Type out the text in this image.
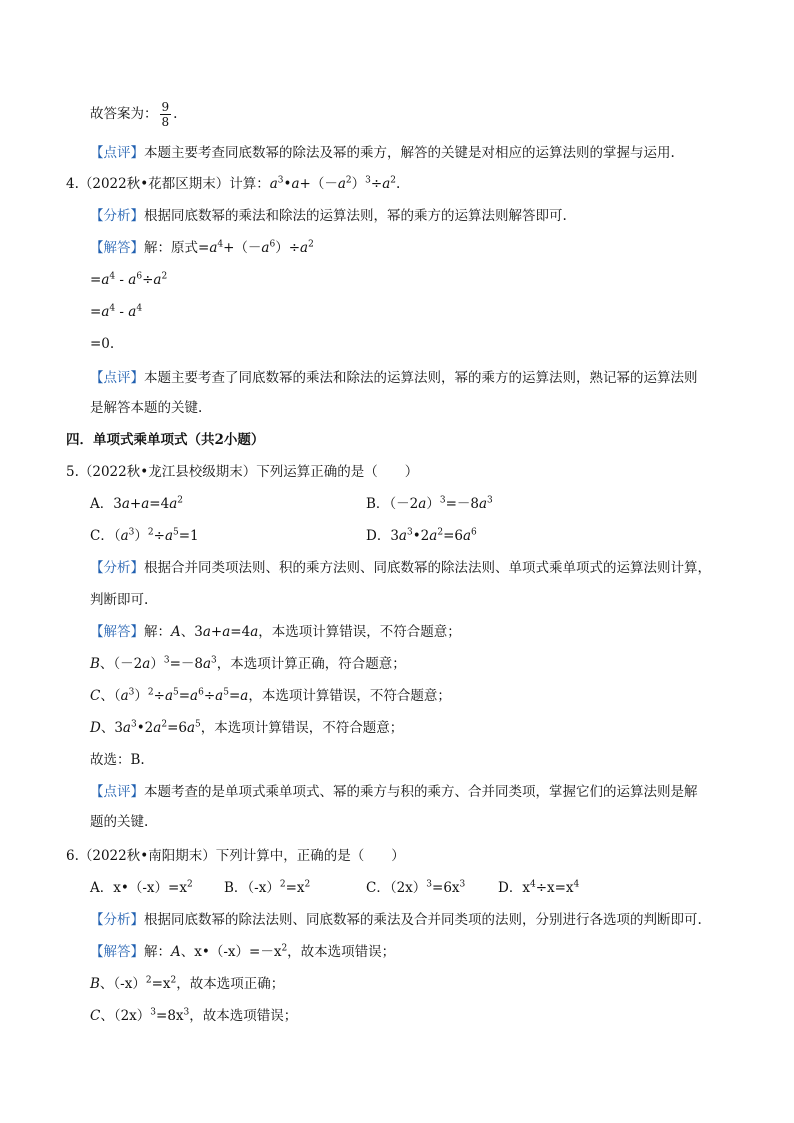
故答案为： $\frac{9}{8}$ .
【点评】本题主要考查同底数幂的除法及幂的乘方，解答的关键是对相应的运算法则的掌握与运用.
4.（2022秋•花都区期末）计算：$a^3•a+(-a^2)^3\div a^2$.
【分析】根据同底数幂的乘法和除法的运算法则，幂的乘方的运算法则解答即可.
【解答】解：原式$=a^4+(-a^6)\div a^2$
$=a^4 - a^6\div a^2$
$=a^4 - a^4$
=0.
【点评】本题主要考查了同底数幂的乘法和除法的运算法则，幂的乘方的运算法则，熟记幂的运算法则
是解答本题的关键.
四．单项式乘单项式（共2小题）
5.（2022秋•龙江县校级期末）下列运算正确的是（　　）
A．$3a+a=4a^2$	B．$(-2a)^3=-8a^3$
C．$(a^3)^2\div a^5=1$	D．$3a^3•2a^2=6a^6$
【分析】根据合并同类项法则、积的乘方法则、同底数幂的除法法则、单项式乘单项式的运算法则计算，
判断即可.
【解答】解：A、3a+a=4a，本选项计算错误，不符合题意；
B、$(-2a)^3=-8a^3$，本选项计算正确，符合题意；
C、$(a^3)^2\div a^5=a^6\div a^5=a$，本选项计算错误，不符合题意；
D、$3a^3•2a^2=6a^5$，本选项计算错误，不符合题意；
故选：B.
【点评】本题考查的是单项式乘单项式、幂的乘方与积的乘方、合并同类项，掌握它们的运算法则是解
题的关键.
6.（2022秋•南阳期末）下列计算中，正确的是（　　）
A．$x•(-x)=x^2$ B．$(-x)^2=x^2$	C．$(2x)^3=6x^3$ D．$x^4\div x=x^4$
【分析】根据同底数幂的除法法则、同底数幂的乘法及合并同类项的法则，分别进行各选项的判断即可.
【解答】解：A、$x•(-x)=-x^2$，故本选项错误；
B、$(-x)^2=x^2$，故本选项正确；
C、$(2x)^3=8x^3$，故本选项错误；
